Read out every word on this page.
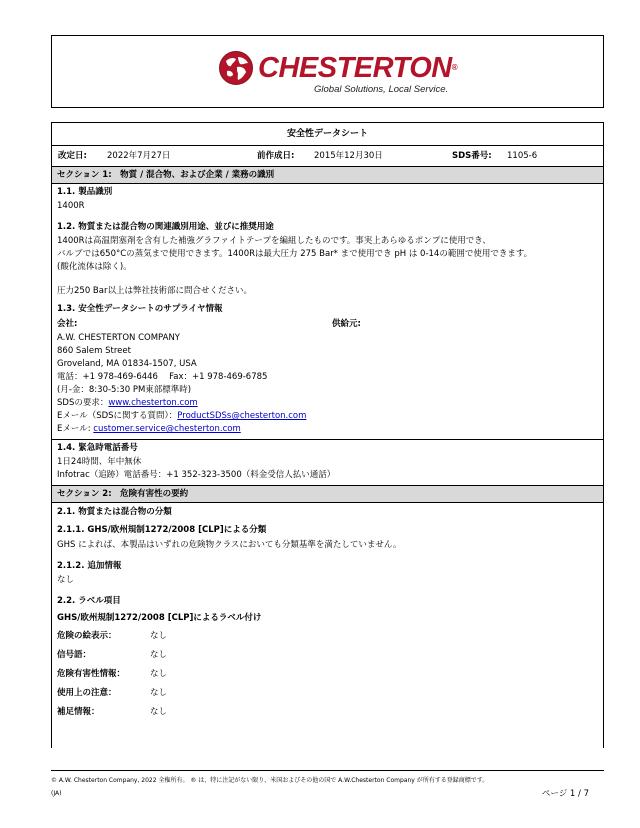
CHESTERTON®
Global Solutions, Local Service.
安全性データシート
改定日: 2022年7月27日	前作成日: 2015年12月30日	SDS番号: 1105-6
セクション 1:　物質 / 混合物、および企業 / 業務の識別
1.1. 製品識別
1400R
1.2. 物質または混合物の関連識別用途、並びに推奨用途
1400Rは高温閉塞剤を含有した補強グラファイトテープを編組したものです。事実上あらゆるポンプに使用でき、
バルブでは650°Cの蒸気まで使用できます。1400Rは最大圧力 275 Bar* まで使用でき pH は 0-14の範囲で使用できます。
(酸化流体は除く)。
圧力250 Bar以上は弊社技術部に問合せください。
1.3. 安全性データシートのサプライヤ情報
会社:	供給元:
A.W. CHESTERTON COMPANY
860 Salem Street
Groveland, MA 01834-1507, USA
電話：+1 978-469-6446　 Fax：+1 978-469-6785
(月-金：8:30-5:30 PM東部標準時)
SDSの要求：www.chesterton.com
Eメール（SDSに関する質問）：ProductSDSs@chesterton.com
Eメール: customer.service@chesterton.com
1.4. 緊急時電話番号
1日24時間、年中無休
Infotrac（追跡）電話番号：+1 352-323-3500（料金受信人払い通話）
セクション 2:　危険有害性の要約
2.1. 物質または混合物の分類
2.1.1. GHS/欧州規制1272/2008 [CLP]による分類
GHS によれば、本製品はいずれの危険物クラスにおいても分類基準を満たしていません。
2.1.2. 追加情報
なし
2.2. ラベル項目
GHS/欧州規制1272/2008 [CLP]によるラベル付け
危険の絵表示：	なし
信号語：	なし
危険有害性情報：	なし
使用上の注意：	なし
補足情報：	なし
© A.W. Chesterton Company, 2022 全権所有。 ® は、特に注記がない限り、米国およびその他の国で A.W.Chesterton Company が所有する登録商標です。
(JA)	ページ 1 / 7
